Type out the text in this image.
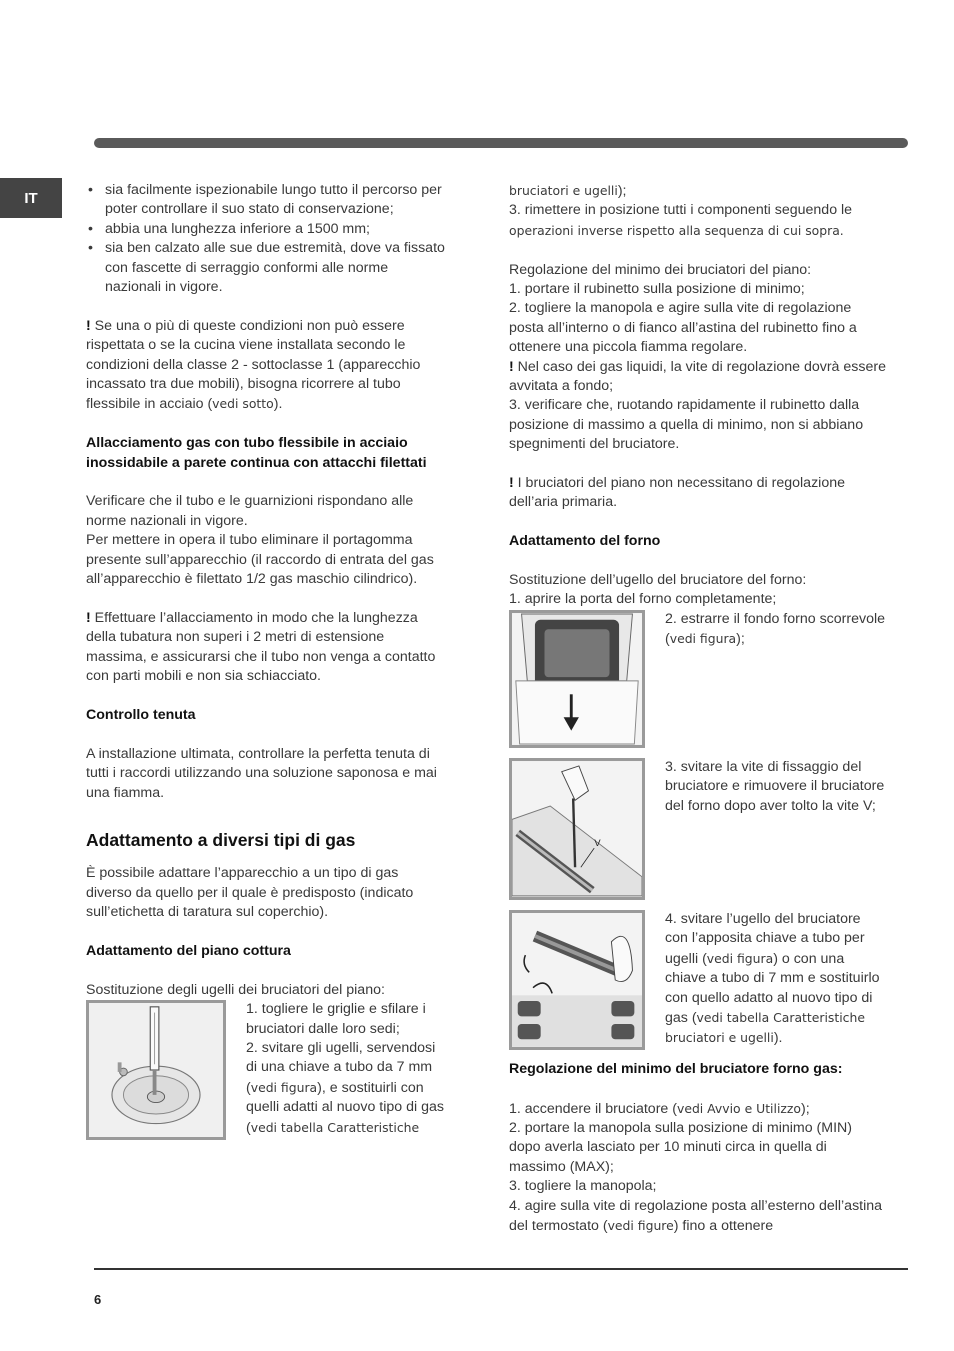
IT

•	sia facilmente ispezionabile lungo tutto il percorso per poter controllare il suo stato di conservazione;

• abbia una lunghezza inferiore a 1500 mm;

• sia ben calzato alle sue due estremità, dove va fissato con fascette di serraggio conformi alle norme nazionali in vigore.

! Se una o più di queste condizioni non può essere rispettata o se la cucina viene installata secondo le condizioni della classe 2 - sottoclasse 1 (apparecchio incassato tra due mobili), bisogna ricorrere al tubo flessibile in acciaio (vedi sotto).

Allacciamento gas con tubo flessibile in acciaio inossidabile a parete continua con attacchi filettati

Verificare che il tubo e le guarnizioni rispondano alle norme nazionali in vigore.

Per mettere in opera il tubo eliminare il portagomma presente sull’apparecchio (il raccordo di entrata del gas all’apparecchio è filettato 1/2 gas maschio cilindrico).

! Effettuare l’allacciamento in modo che la lunghezza della tubatura non superi i 2 metri di estensione massima, e assicurarsi che il tubo non venga a contatto con parti mobili e non sia schiacciato.

Controllo tenuta

A installazione ultimata, controllare la perfetta tenuta di tutti i raccordi utilizzando una soluzione saponosa e mai una fiamma.

Adattamento a diversi tipi di gas

È possibile adattare l’apparecchio a un tipo di gas diverso da quello per il quale è predisposto (indicato sull’etichetta di taratura sul coperchio).

Adattamento del piano cottura

Sostituzione degli ugelli dei bruciatori del piano:

1. togliere le griglie e sfilare i bruciatori dalle loro sedi;

2. svitare gli ugelli, servendosi di una chiave a tubo da 7 mm (vedi figura), e sostituirli con quelli adatti al nuovo tipo di gas (vedi tabella Caratteristiche

bruciatori e ugelli);

3. rimettere in posizione tutti i componenti seguendo le operazioni inverse rispetto alla sequenza di cui sopra.

Regolazione del minimo dei bruciatori del piano:

1. portare il rubinetto sulla posizione di minimo;

2. togliere la manopola e agire sulla vite di regolazione posta all’interno o di fianco all’astina del rubinetto fino a ottenere una piccola fiamma regolare.

! Nel caso dei gas liquidi, la vite di regolazione dovrà essere avvitata a fondo;

3. verificare che, ruotando rapidamente il rubinetto dalla posizione di massimo a quella di minimo, non si abbiano spegnimenti del bruciatore.

! I bruciatori del piano non necessitano di regolazione dell’aria primaria.

Adattamento del forno

Sostituzione dell’ugello del bruciatore del forno:

1. aprire la porta del forno completamente;

2. estrarre il fondo forno scorrevole (vedi figura);

V

3. svitare la vite di fissaggio del bruciatore e rimuovere il bruciatore del forno dopo aver tolto la vite V;

4. svitare l’ugello del bruciatore con l’apposita chiave a tubo per ugelli (vedi figura) o con una chiave a tubo di 7 mm e sostituirlo con quello adatto al nuovo tipo di gas (vedi tabella Caratteristiche bruciatori e ugelli).

Regolazione del minimo del bruciatore forno gas:

1. accendere il bruciatore (vedi Avvio e Utilizzo);

2. portare la manopola sulla posizione di minimo (MIN) dopo averla lasciato per 10 minuti circa in quella di massimo (MAX);

3. togliere la manopola;

4. agire sulla vite di regolazione posta all’esterno dell’astina del termostato (vedi figure) fino a ottenere

6
